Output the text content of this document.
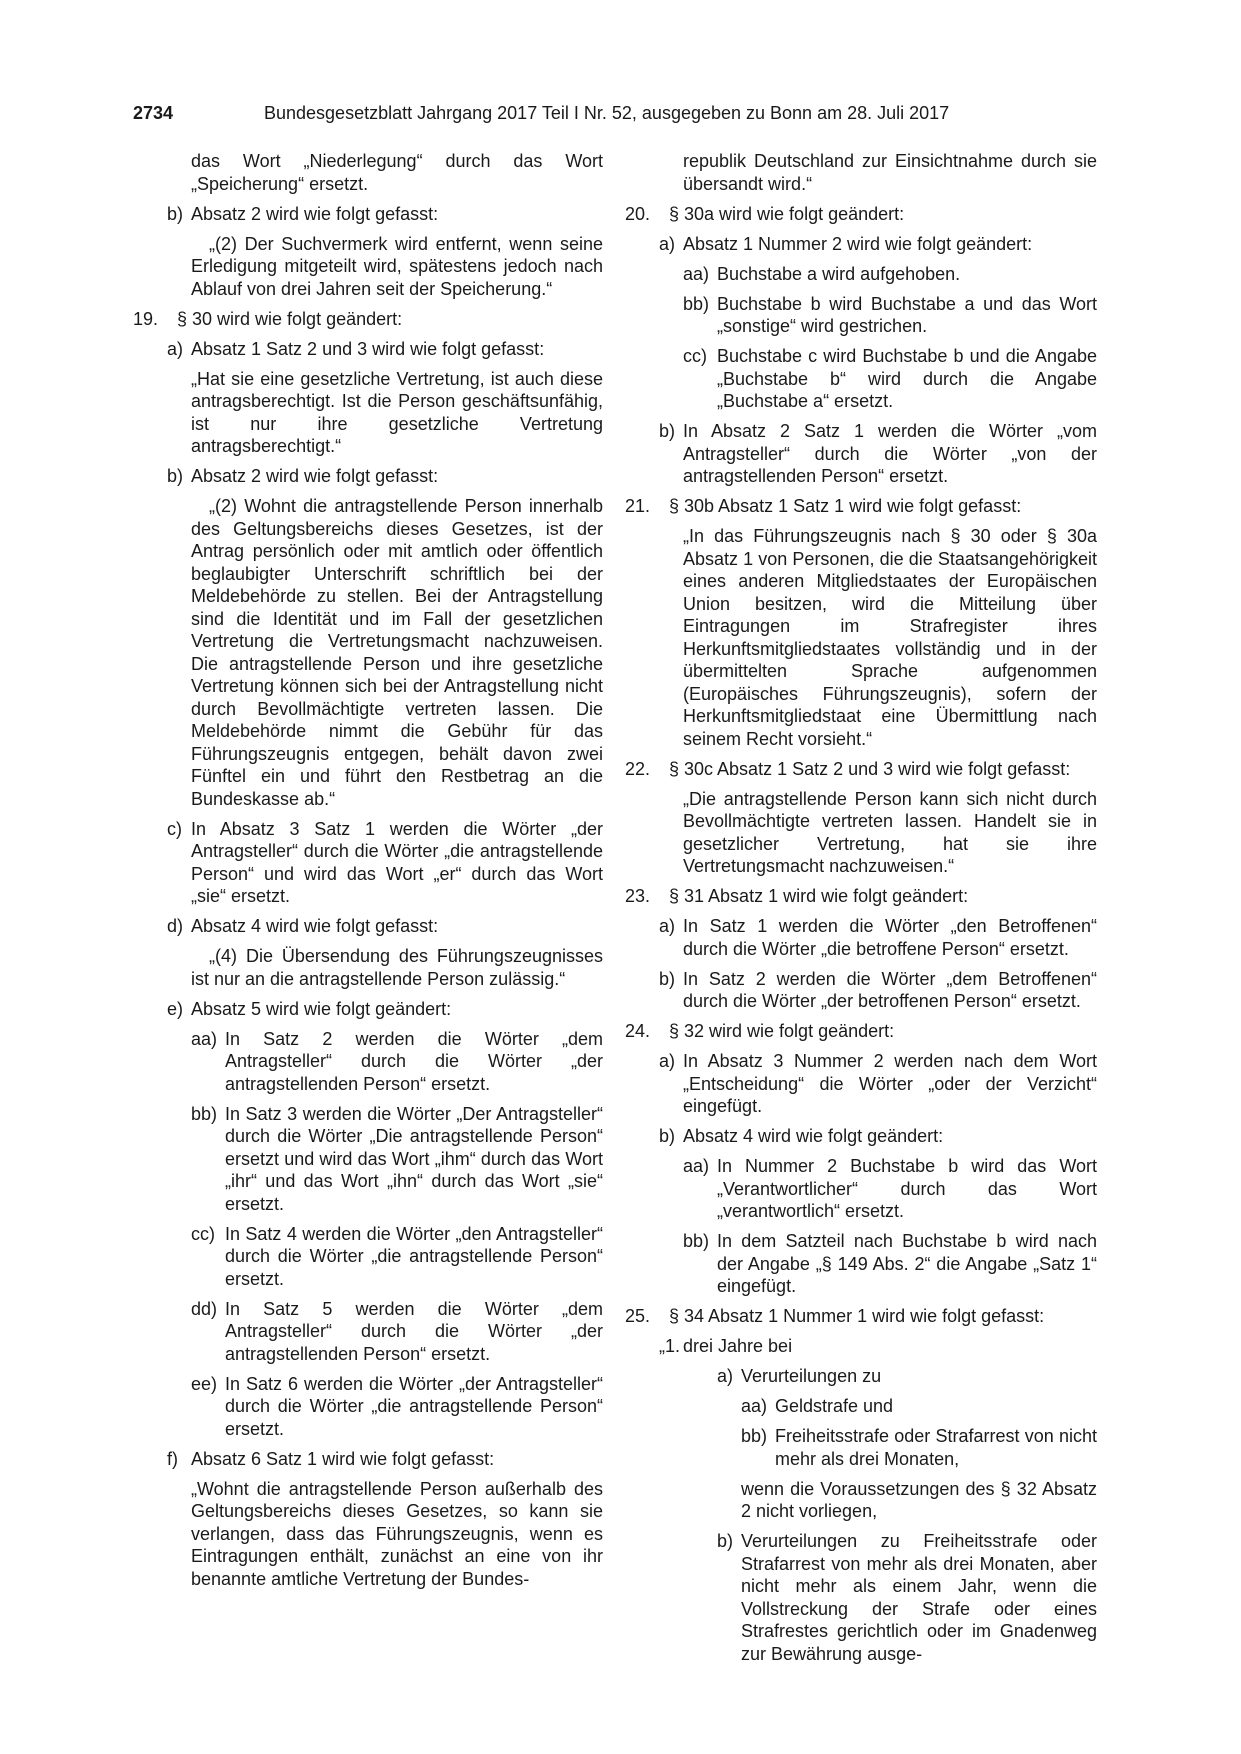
2734	Bundesgesetzblatt Jahrgang 2017 Teil I Nr. 52, ausgegeben zu Bonn am 28. Juli 2017
das Wort „Niederlegung“ durch das Wort „Speicherung“ ersetzt.
b) Absatz 2 wird wie folgt gefasst:
„(2) Der Suchvermerk wird entfernt, wenn seine Erledigung mitgeteilt wird, spätestens jedoch nach Ablauf von drei Jahren seit der Speicherung.“
19. § 30 wird wie folgt geändert:
a) Absatz 1 Satz 2 und 3 wird wie folgt gefasst:
„Hat sie eine gesetzliche Vertretung, ist auch diese antragsberechtigt. Ist die Person geschäftsunfähig, ist nur ihre gesetzliche Vertretung antragsberechtigt.“
b) Absatz 2 wird wie folgt gefasst:
„(2) Wohnt die antragstellende Person innerhalb des Geltungsbereichs dieses Gesetzes, ist der Antrag persönlich oder mit amtlich oder öffentlich beglaubigter Unterschrift schriftlich bei der Meldebehörde zu stellen. Bei der Antragstellung sind die Identität und im Fall der gesetzlichen Vertretung die Vertretungsmacht nachzuweisen. Die antragstellende Person und ihre gesetzliche Vertretung können sich bei der Antragstellung nicht durch Bevollmächtigte vertreten lassen. Die Meldebehörde nimmt die Gebühr für das Führungszeugnis entgegen, behält davon zwei Fünftel ein und führt den Restbetrag an die Bundeskasse ab.“
c) In Absatz 3 Satz 1 werden die Wörter „der Antragsteller“ durch die Wörter „die antragstellende Person“ und wird das Wort „er“ durch das Wort „sie“ ersetzt.
d) Absatz 4 wird wie folgt gefasst:
„(4) Die Übersendung des Führungszeugnisses ist nur an die antragstellende Person zulässig.“
e) Absatz 5 wird wie folgt geändert:
aa) In Satz 2 werden die Wörter „dem Antragsteller“ durch die Wörter „der antragstellenden Person“ ersetzt.
bb) In Satz 3 werden die Wörter „Der Antragsteller“ durch die Wörter „Die antragstellende Person“ ersetzt und wird das Wort „ihm“ durch das Wort „ihr“ und das Wort „ihn“ durch das Wort „sie“ ersetzt.
cc) In Satz 4 werden die Wörter „den Antragsteller“ durch die Wörter „die antragstellende Person“ ersetzt.
dd) In Satz 5 werden die Wörter „dem Antragsteller“ durch die Wörter „der antragstellenden Person“ ersetzt.
ee) In Satz 6 werden die Wörter „der Antragsteller“ durch die Wörter „die antragstellende Person“ ersetzt.
f) Absatz 6 Satz 1 wird wie folgt gefasst:
„Wohnt die antragstellende Person außerhalb des Geltungsbereichs dieses Gesetzes, so kann sie verlangen, dass das Führungszeugnis, wenn es Eintragungen enthält, zunächst an eine von ihr benannte amtliche Vertretung der Bundes-
republik Deutschland zur Einsichtnahme durch sie übersandt wird.“
20. § 30a wird wie folgt geändert:
a) Absatz 1 Nummer 2 wird wie folgt geändert:
aa) Buchstabe a wird aufgehoben.
bb) Buchstabe b wird Buchstabe a und das Wort „sonstige“ wird gestrichen.
cc) Buchstabe c wird Buchstabe b und die Angabe „Buchstabe b“ wird durch die Angabe „Buchstabe a“ ersetzt.
b) In Absatz 2 Satz 1 werden die Wörter „vom Antragsteller“ durch die Wörter „von der antragstellenden Person“ ersetzt.
21. § 30b Absatz 1 Satz 1 wird wie folgt gefasst:
„In das Führungszeugnis nach § 30 oder § 30a Absatz 1 von Personen, die die Staatsangehörigkeit eines anderen Mitgliedstaates der Europäischen Union besitzen, wird die Mitteilung über Eintragungen im Strafregister ihres Herkunftsmitgliedstaates vollständig und in der übermittelten Sprache aufgenommen (Europäisches Führungszeugnis), sofern der Herkunftsmitgliedstaat eine Übermittlung nach seinem Recht vorsieht.“
22. § 30c Absatz 1 Satz 2 und 3 wird wie folgt gefasst:
„Die antragstellende Person kann sich nicht durch Bevollmächtigte vertreten lassen. Handelt sie in gesetzlicher Vertretung, hat sie ihre Vertretungsmacht nachzuweisen.“
23. § 31 Absatz 1 wird wie folgt geändert:
a) In Satz 1 werden die Wörter „den Betroffenen“ durch die Wörter „die betroffene Person“ ersetzt.
b) In Satz 2 werden die Wörter „dem Betroffenen“ durch die Wörter „der betroffenen Person“ ersetzt.
24. § 32 wird wie folgt geändert:
a) In Absatz 3 Nummer 2 werden nach dem Wort „Entscheidung“ die Wörter „oder der Verzicht“ eingefügt.
b) Absatz 4 wird wie folgt geändert:
aa) In Nummer 2 Buchstabe b wird das Wort „Verantwortlicher“ durch das Wort „verantwortlich“ ersetzt.
bb) In dem Satzteil nach Buchstabe b wird nach der Angabe „§ 149 Abs. 2“ die Angabe „Satz 1“ eingefügt.
25. § 34 Absatz 1 Nummer 1 wird wie folgt gefasst:
„1. drei Jahre bei
a) Verurteilungen zu
aa) Geldstrafe und
bb) Freiheitsstrafe oder Strafarrest von nicht mehr als drei Monaten,
wenn die Voraussetzungen des § 32 Absatz 2 nicht vorliegen,
b) Verurteilungen zu Freiheitsstrafe oder Strafarrest von mehr als drei Monaten, aber nicht mehr als einem Jahr, wenn die Vollstreckung der Strafe oder eines Strafrestes gerichtlich oder im Gnadenweg zur Bewährung ausge-
